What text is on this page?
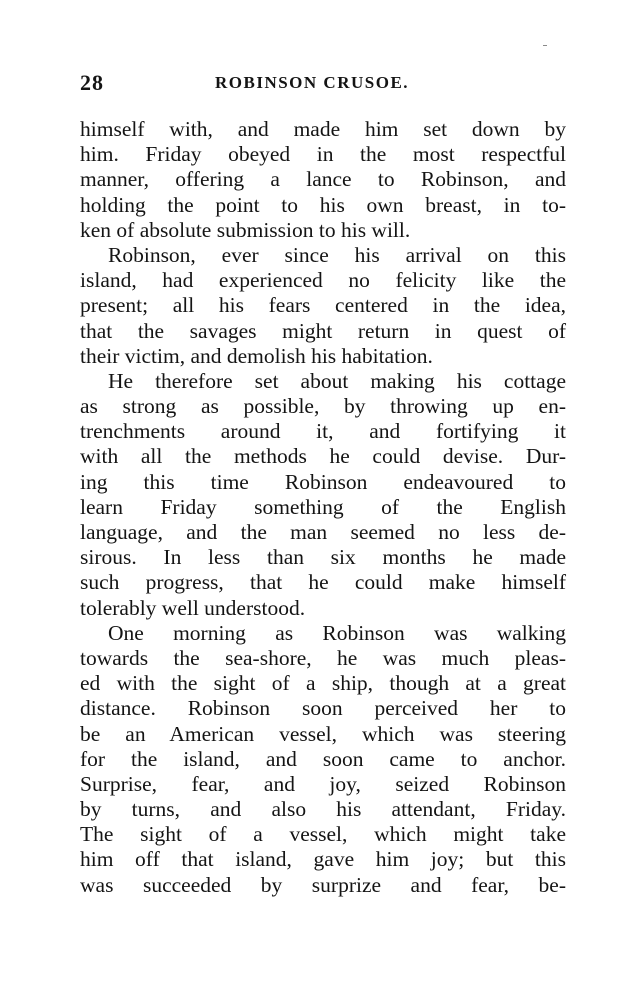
28	ROBINSON CRUSOE.
himself with, and made him set down by
him. Friday obeyed in the most respectful
manner, offering a lance to Robinson, and
holding the point to his own breast, in to-
ken of absolute submission to his will.
Robinson, ever since his arrival on this
island, had experienced no felicity like the
present; all his fears centered in the idea,
that the savages might return in quest of
their victim, and demolish his habitation.
He therefore set about making his cottage
as strong as possible, by throwing up en-
trenchments around it, and fortifying it
with all the methods he could devise. Dur-
ing this time Robinson endeavoured to
learn Friday something of the English
language, and the man seemed no less de-
sirous. In less than six months he made
such progress, that he could make himself
tolerably well understood.
One morning as Robinson was walking
towards the sea-shore, he was much pleas-
ed with the sight of a ship, though at a great
distance. Robinson soon perceived her to
be an American vessel, which was steering
for the island, and soon came to anchor.
Surprise, fear, and joy, seized Robinson
by turns, and also his attendant, Friday.
The sight of a vessel, which might take
him off that island, gave him joy; but this
was succeeded by surprize and fear, be-
